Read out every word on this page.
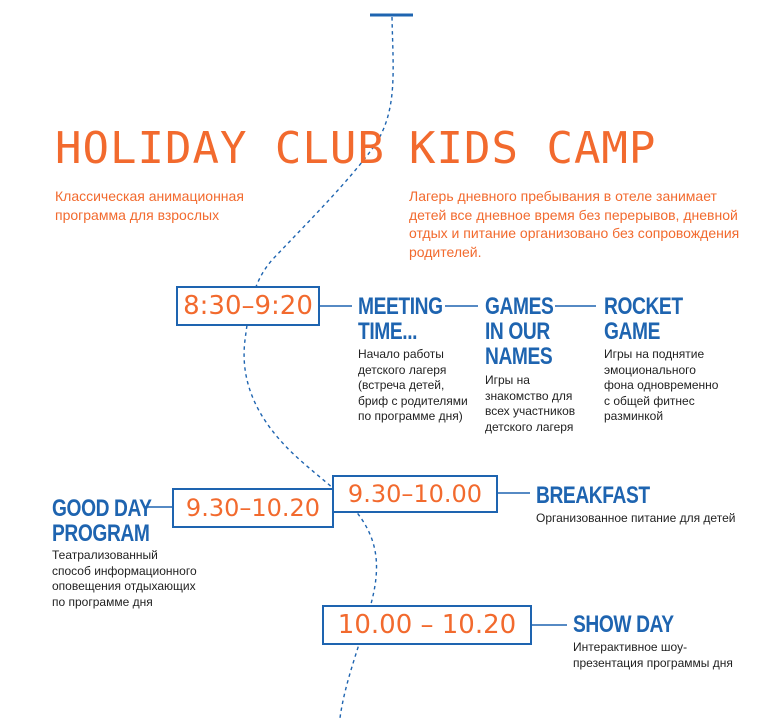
HOLIDAY CLUB
Классическая анимационная
программа для взрослых
KIDS CAMP
Лагерь дневного пребывания в отеле занимает
детей все дневное время без перерывов, дневной
отдых и питание организовано без сопровождения
родителей.
8:30–9:20
9.30–10.20	9.30–10.00
10.00 – 10.20
MEETING
TIME...
Начало работы
детского лагеря
(встреча детей,
бриф с родителями
по программе дня)
GAMES
IN OUR
NAMES
Игры на
знакомство для
всех участников
детского лагеря
ROCKET
GAME
Игры на поднятие
эмоционального
фона одновременно
с общей фитнес
разминкой
GOOD DAY
PROGRAM
Театрализованный
способ информационного
оповещения отдыхающих
по программе дня
BREAKFAST
Организованное питание для детей
SHOW DAY
Интерактивное шоу-
презентация программы дня
